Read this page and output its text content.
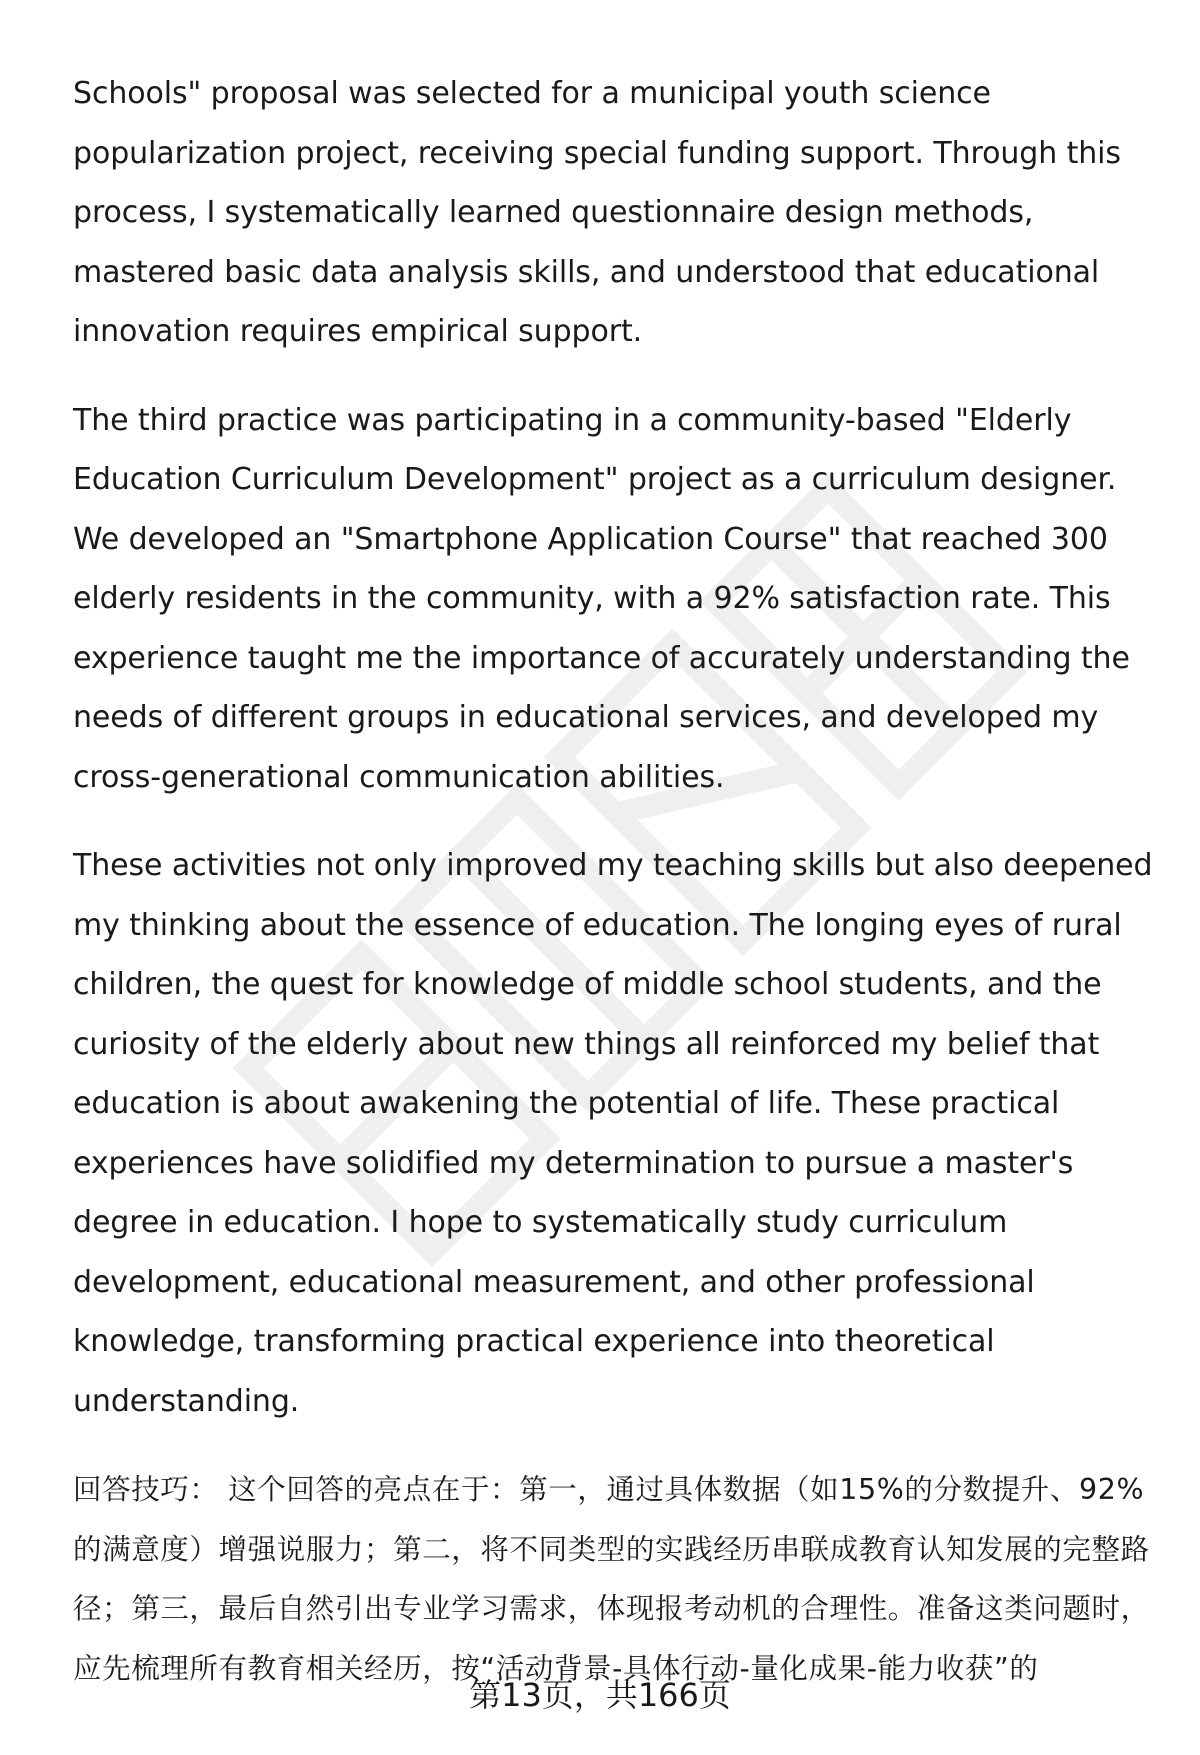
Schools" proposal was selected for a municipal youth science popularization project, receiving special funding support. Through this process, I systematically learned questionnaire design methods, mastered basic data analysis skills, and understood that educational innovation requires empirical support.

The third practice was participating in a community-based "Elderly Education Curriculum Development" project as a curriculum designer. We developed an "Smartphone Application Course" that reached 300 elderly residents in the community, with a 92% satisfaction rate. This experience taught me the importance of accurately understanding the needs of different groups in educational services, and developed my cross-generational communication abilities.

These activities not only improved my teaching skills but also deepened my thinking about the essence of education. The longing eyes of rural children, the quest for knowledge of middle school students, and the curiosity of the elderly about new things all reinforced my belief that education is about awakening the potential of life. These practical experiences have solidified my determination to pursue a master's degree in education. I hope to systematically study curriculum development, educational measurement, and other professional knowledge, transforming practical experience into theoretical understanding.

回答技巧： 这个回答的亮点在于：第一，通过具体数据（如15%的分数提升、92%的满意度）增强说服力；第二，将不同类型的实践经历串联成教育认知发展的完整路径；第三，最后自然引出专业学习需求，体现报考动机的合理性。准备这类问题时，应先梳理所有教育相关经历，按“活动背景-具体行动-量化成果-能力收获”的

第13页，共166页
